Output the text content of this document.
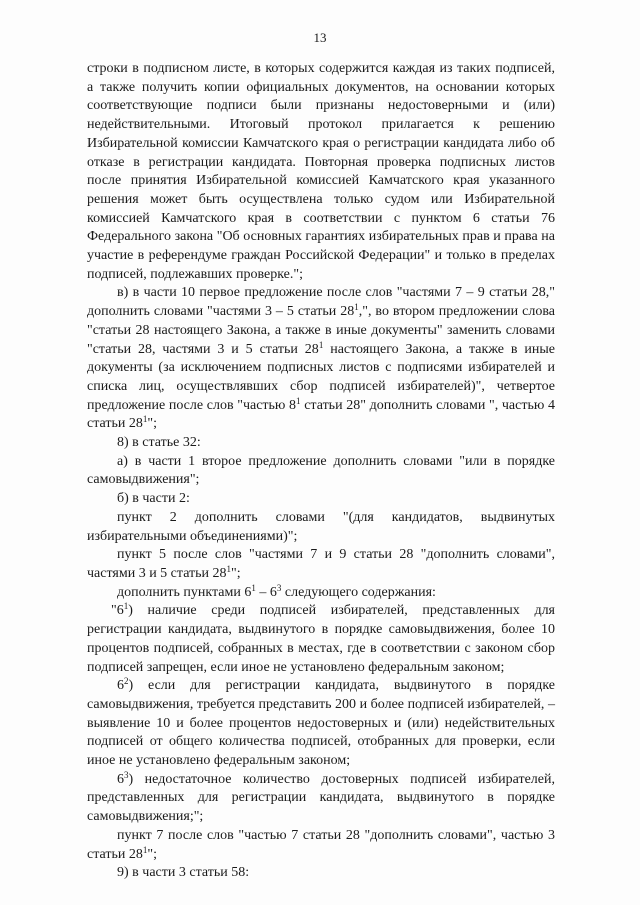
13

строки в подписном листе, в которых содержится каждая из таких подписей, а также получить копии официальных документов, на основании которых соответствующие подписи были признаны недостоверными и (или) недействительными. Итоговый протокол прилагается к решению Избирательной комиссии Камчатского края о регистрации кандидата либо об отказе в регистрации кандидата. Повторная проверка подписных листов после принятия Избирательной комиссией Камчатского края указанного решения может быть осуществлена только судом или Избирательной комиссией Камчатского края в соответствии с пунктом 6 статьи 76 Федерального закона "Об основных гарантиях избирательных прав и права на участие в референдуме граждан Российской Федерации" и только в пределах подписей, подлежавших проверке.";

в) в части 10 первое предложение после слов "частями 7 – 9 статьи 28," дополнить словами "частями 3 – 5 статьи $28^1$,", во втором предложении слова "статьи 28 настоящего Закона, а также в иные документы" заменить словами "статьи 28, частями 3 и 5 статьи $28^1$ настоящего Закона, а также в иные документы (за исключением подписных листов с подписями избирателей и списка лиц, осуществлявших сбор подписей избирателей)", четвертое предложение после слов "частью $8^1$ статьи 28" дополнить словами ", частью 4 статьи $28^1$";

8) в статье 32:

а) в части 1 второе предложение дополнить словами "или в порядке самовыдвижения";

б) в части 2:

пункт 2 дополнить словами "(для кандидатов, выдвинутых избирательными объединениями)";

пункт 5 после слов "частями 7 и 9 статьи 28 "дополнить словами", частями 3 и 5 статьи $28^1$";

дополнить пунктами $6^1 - 6^3$ следующего содержания:

"$6^1$) наличие среди подписей избирателей, представленных для регистрации кандидата, выдвинутого в порядке самовыдвижения, более 10 процентов подписей, собранных в местах, где в соответствии с законом сбор подписей запрещен, если иное не установлено федеральным законом;

$6^2$) если для регистрации кандидата, выдвинутого в порядке самовыдвижения, требуется представить 200 и более подписей избирателей, – выявление 10 и более процентов недостоверных и (или) недействительных подписей от общего количества подписей, отобранных для проверки, если иное не установлено федеральным законом;

$6^3$) недостаточное количество достоверных подписей избирателей, представленных для регистрации кандидата, выдвинутого в порядке самовыдвижения;";

пункт 7 после слов "частью 7 статьи 28 "дополнить словами", частью 3 статьи $28^1$";

9) в части 3 статьи 58:
